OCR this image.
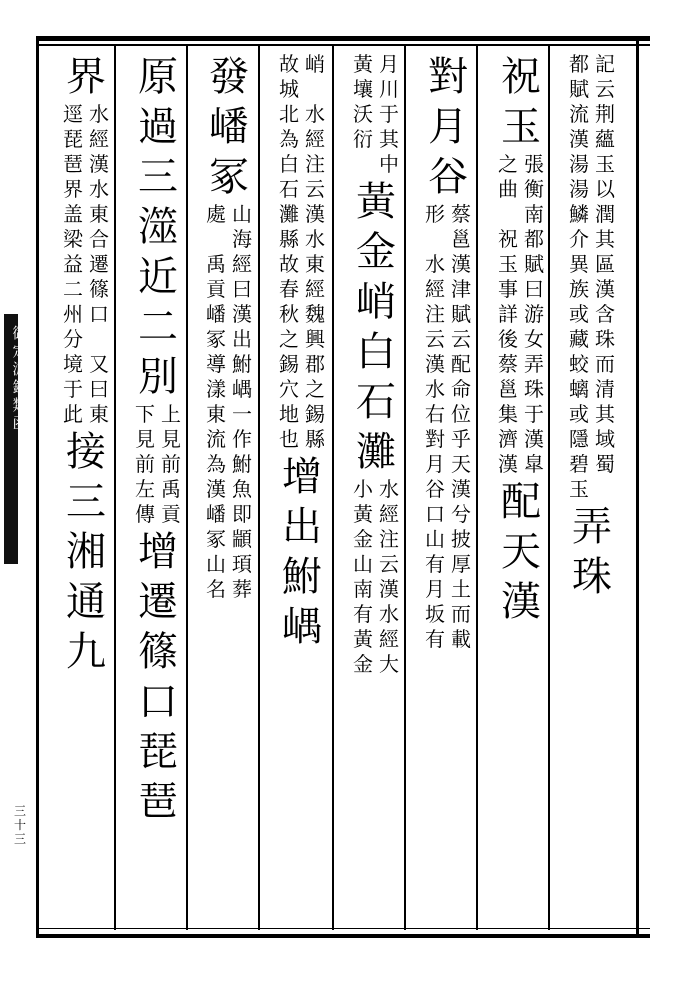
御
定
淵
鑑
類
函
三
十
三
記
云
荆
蘊
玉
以
潤
其
區
漢
含
珠
而
清
其
域
蜀
都
賦
流
漢
湯
湯
鱗
介
異
族
或
藏
蛟
螭
或
隱
碧
玉
弄
珠
祝
玉
張
衡
南
都
賦
曰
游
女
弄
珠
于
漢
皐
之
曲

祝
玉
事
詳
後
蔡
邕
集
濟
漢
配
天
漢
對
月
谷
蔡
邕
漢
津
賦
云
配
命
位
乎
天
漢
兮
披
厚
土
而
載
形

水
經
注
云
漢
水
右
對
月
谷
口
山
有
月
坂
有
月
川
于
其
中
黃
壤
沃
衍
黃
金
峭
白
石
灘
水
經
注
云
漢
水
經
大
小
黃
金
山
南
有
黃
金
峭

水
經
注
云
漢
水
東
經
魏
興
郡
之
錫
縣
故
城
北
為
白
石
灘
縣
故
春
秋
之
錫
穴
地
也
增
出
鮒
嵎
發
嶓
冢
山
海
經
曰
漢
出
鮒
嵎
一
作
鮒
魚
即
顓
頊
葬
處

禹
貢
嶓
冢
導
漾
東
流
為
漢
嶓
冢
山
名
原
過
三
澨
近
二
別
上
見
前
禹
貢
下
見
前
左
傳
增
遷
篠
口
琵
琶
界
水
經
漢
水
東
合
遷
篠
口

又
曰
東
逕
琵
琶
界
盖
梁
益
二
州
分
境
于
此
接
三
湘
通
九
